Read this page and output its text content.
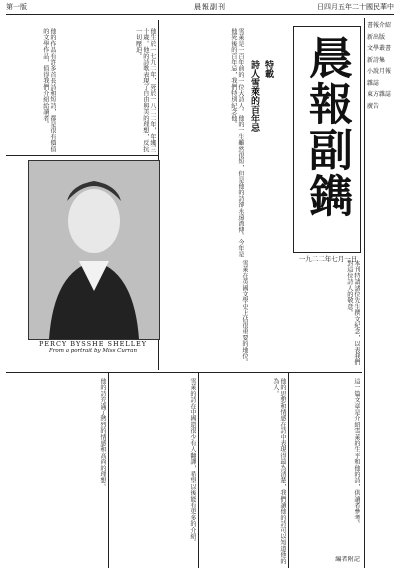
第一版	晨報副刊	日四月五年二十國民華中
晨報副鐫
一九二二年七月一日
特載
詩人雪萊的百年忌
雪萊是一百年前的一位大詩人。他的一生雖然很短，但是他的詩卻永遠流傳。今年是他死後的百年忌，我們特別紀念他。
他生於一七九二年，死於一八二二年，年纔三十歲。他的詩歌表現了自由與美的理想，反抗一切壓迫。
他的作品有許多首長詩和短詩，都是很有價值的文學作品，值得我們介紹給讀者。
PERCY BYSSHE SHELLEY
From a portrait by Miss Curran	本刊特請諸位先生撰文紀念，以表我們對這位詩人的敬意。
雪萊在英國文學史上佔很重要的地位。
這一篇文章是介紹雪萊的生平和他的詩，供讀者參考。
他的思想和情感在詩中表現得最為清楚，我們讀他的詩可以知道他的為人。
雪萊的詩在中國還很少有人翻譯，希望以後能有更多的介紹。
他的詩充滿了熱烈的情感和高尚的理想。
編者附記
書報介紹
新出版
文學叢書
新詩集
小說月報
雜誌
東方雜誌
廣告
